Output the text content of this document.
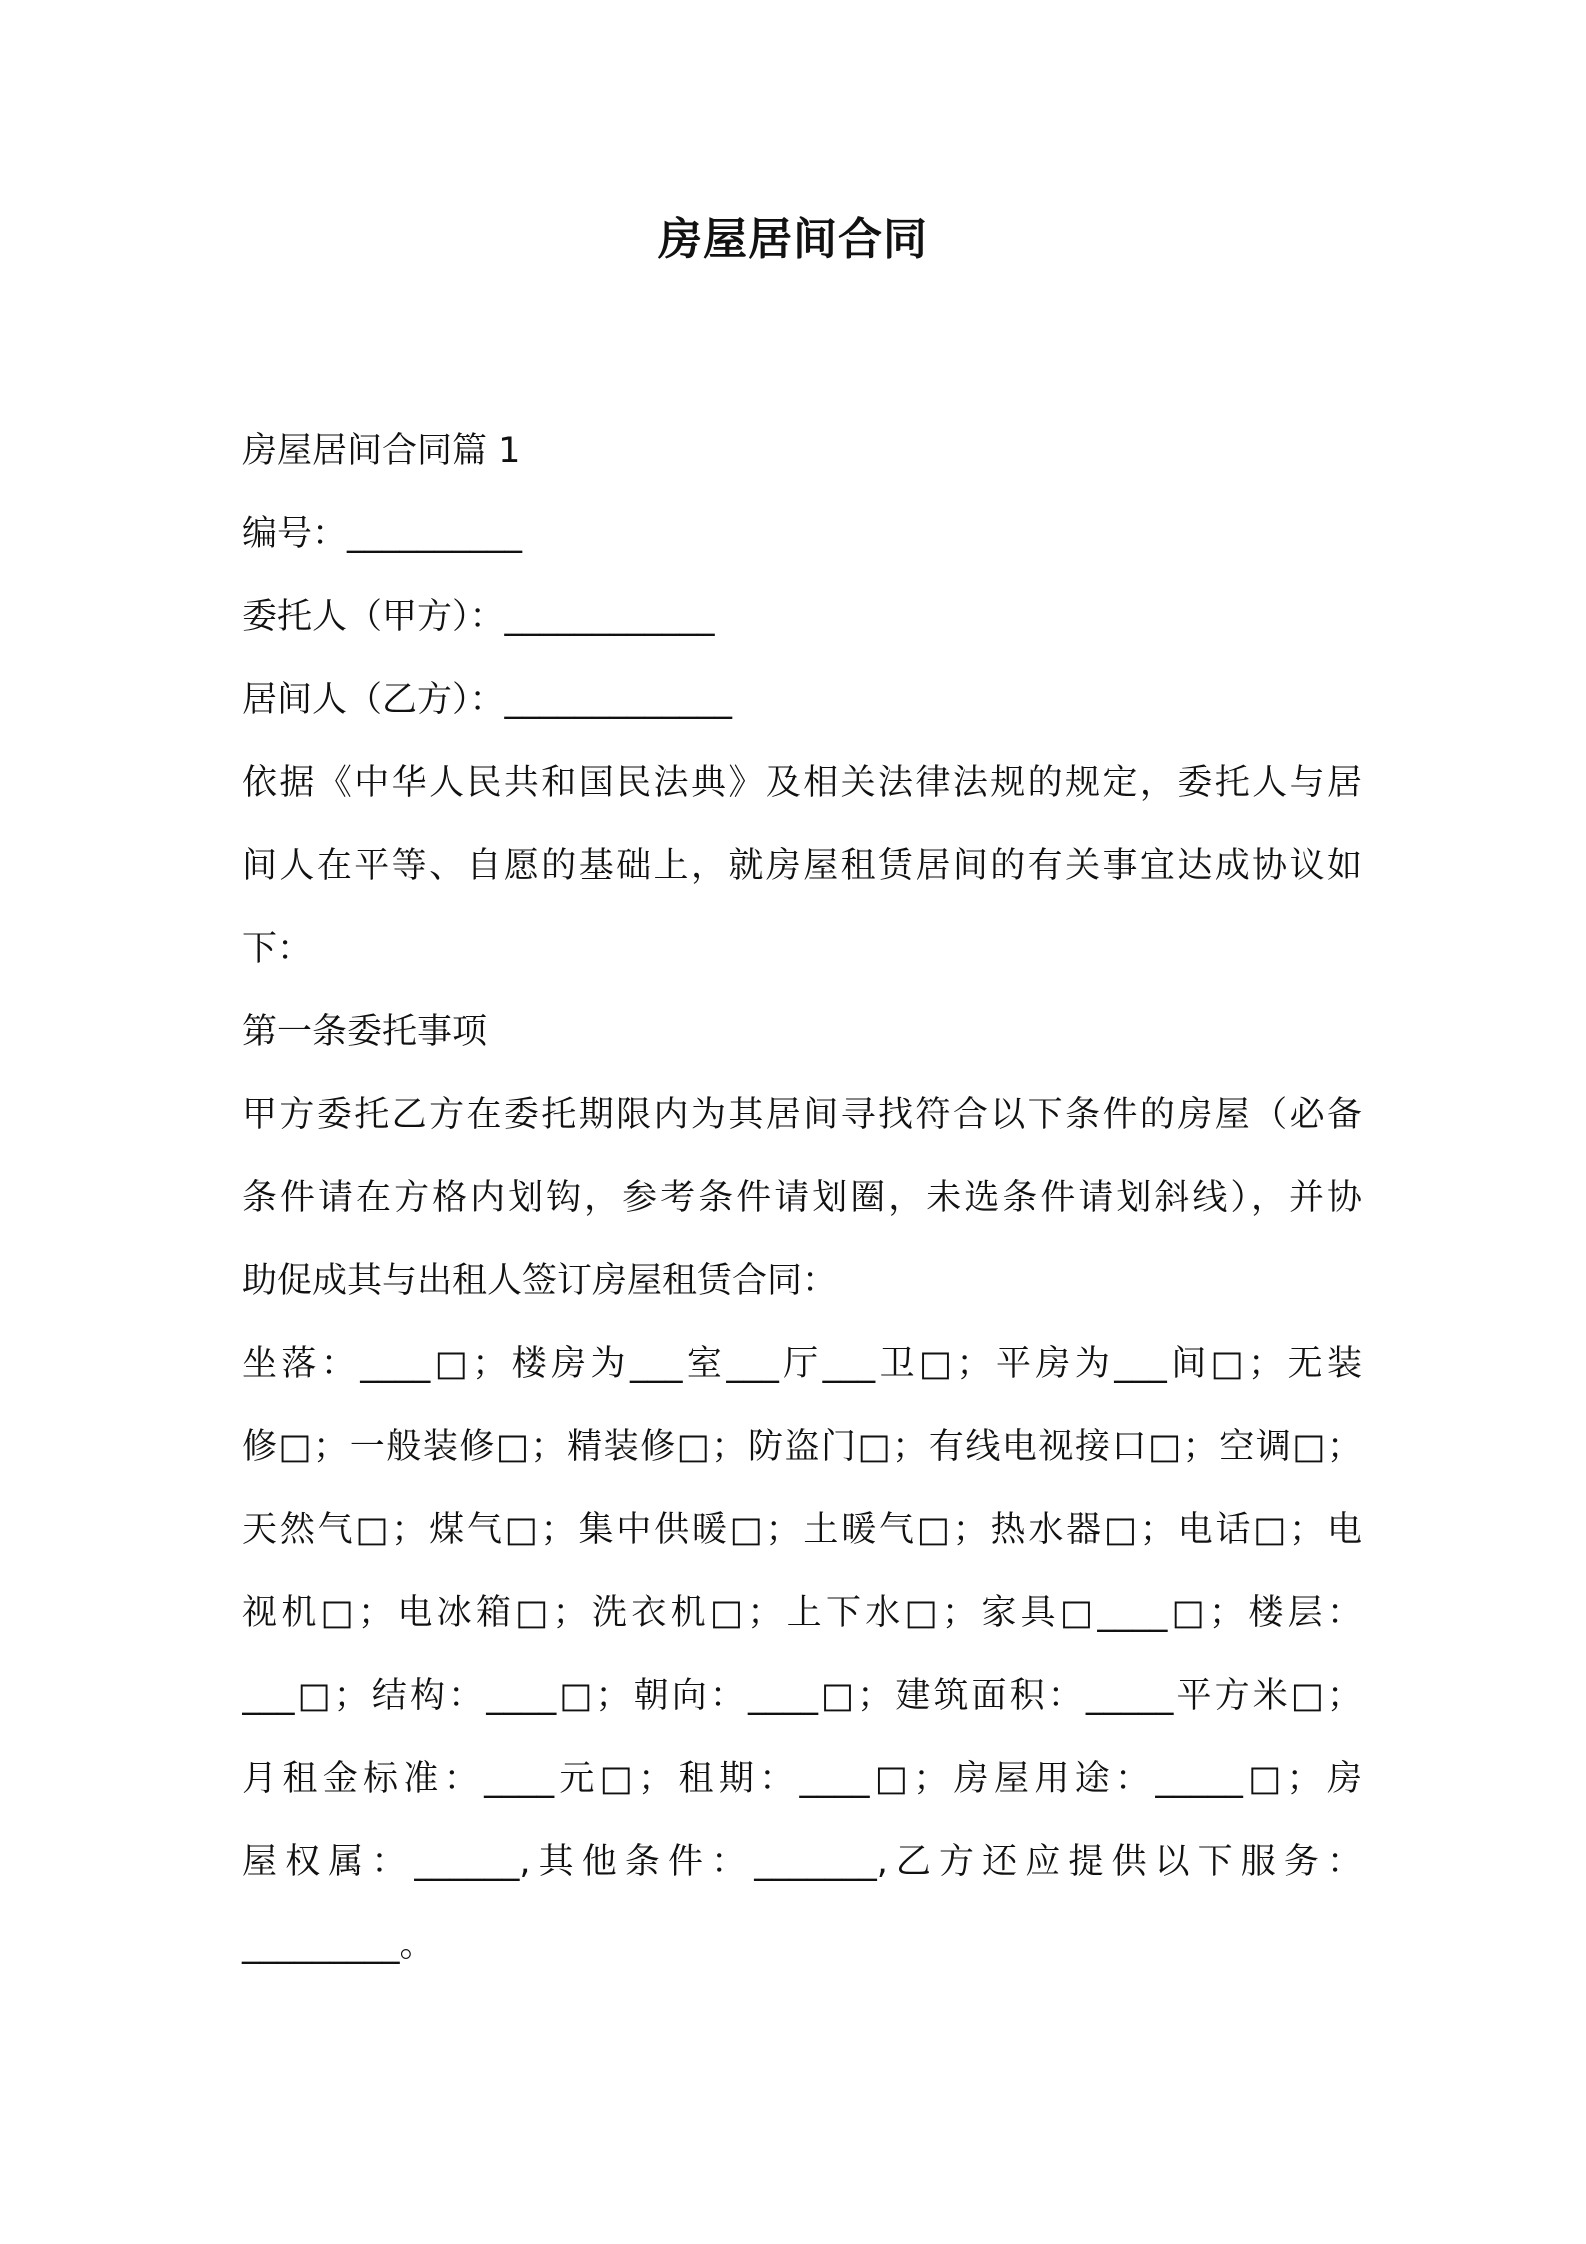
房屋居间合同
房屋居间合同篇 1
编号：__________
委托人（甲方）：____________
居间人（乙方）：_____________
依据《中华人民共和国民法典》及相关法律法规的规定，委托人与居
间人在平等、自愿的基础上，就房屋租赁居间的有关事宜达成协议如
下：
第一条委托事项
甲方委托乙方在委托期限内为其居间寻找符合以下条件的房屋（必备
条件请在方格内划钩，参考条件请划圈，未选条件请划斜线），并协
助促成其与出租人签订房屋租赁合同：
坐落：____□；楼房为___室___厅___卫□；平房为___间□；无装
修□；一般装修□；精装修□；防盗门□；有线电视接口□；空调□；
天然气□；煤气□；集中供暖□；土暖气□；热水器□；电话□；电
视机□；电冰箱□；洗衣机□；上下水□；家具□____□；楼层：
___□；结构：____□；朝向：____□；建筑面积：_____平方米□；
月租金标准：____元□；租期：____□；房屋用途：_____□；房
屋权属：______,其他条件：_______,乙方还应提供以下服务：
_________。
